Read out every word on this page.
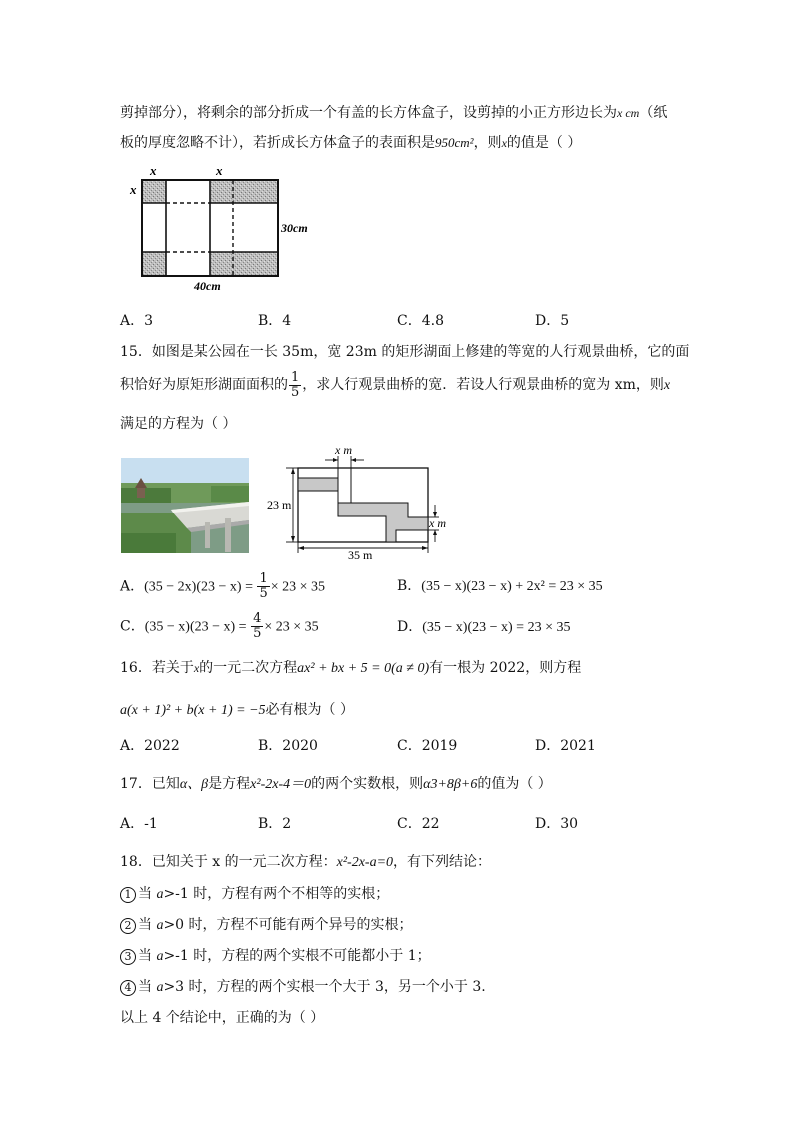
剪掉部分），将剩余的部分折成一个有盖的长方体盒子，设剪掉的小正方形边长为x cm（纸
板的厚度忽略不计），若折成长方体盒子的表面积是950cm²，则x的值是（ ）
x	x
x
30cm
40cm
A．3	B．4	C．4.8	D．5
15．如图是某公园在一长 35m，宽 23m 的矩形湖面上修建的等宽的人行观景曲桥，它的面
积恰好为原矩形湖面面积的 $\frac{1}{5}$ ，求人行观景曲桥的宽．若设人行观景曲桥的宽为 xm，则x
满足的方程为（ ）
x m
23 m
x m
35 m
A．$(35 - 2x)(23 - x) = \frac{1}{5} \times 23 \times 35$	B．(35 − x)(23 − x) + 2x² = 23 × 35
C．$(35 - x)(23 - x) = \frac{4}{5} \times 23 \times 35$	D．(35 − x)(23 − x) = 23 × 35
16．若关于x的一元二次方程ax² + bx + 5 = 0(a ≠ 0)有一根为 2022，则方程
a(x + 1)² + b(x + 1) = −5必有根为（ ）
A．2022	B．2020	C．2019	D．2021
17．已知α、β是方程x²-2x-4＝0的两个实数根，则α3+8β+6的值为（ ）
A．-1	B．2	C．22	D．30
18．已知关于 x 的一元二次方程：x²-2x-a=0，有下列结论：
1 当 a>-1 时，方程有两个不相等的实根；
2 当 a>0 时，方程不可能有两个异号的实根；
3 当 a>-1 时，方程的两个实根不可能都小于 1；
4 当 a>3 时，方程的两个实根一个大于 3，另一个小于 3.
以上 4 个结论中，正确的为（ ）
